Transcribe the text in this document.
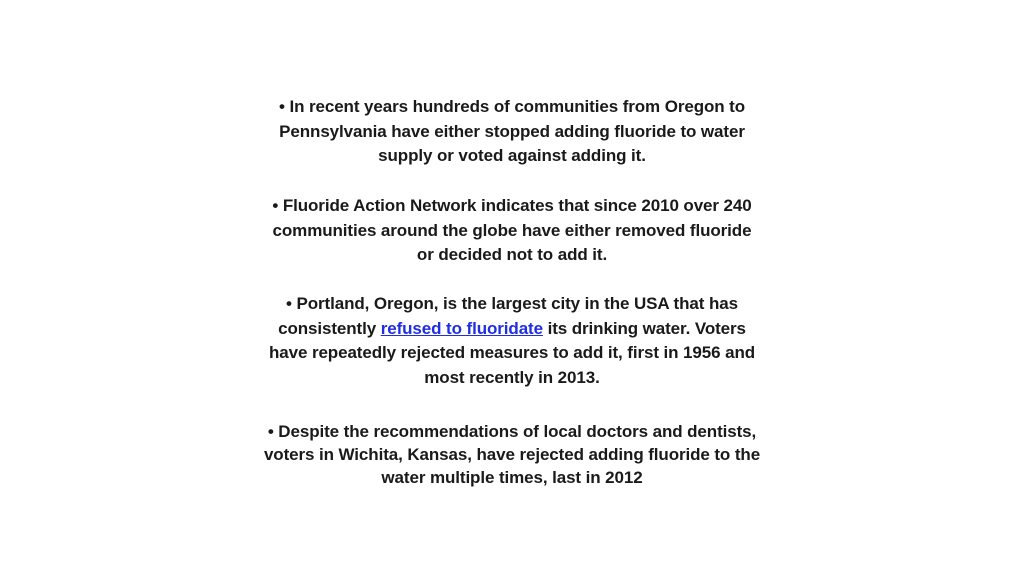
• In recent years hundreds of communities from Oregon to Pennsylvania have either stopped adding fluoride to water supply or voted against adding it.
• Fluoride Action Network indicates that since 2010 over 240 communities around the globe have either removed fluoride or decided not to add it.
• Portland, Oregon, is the largest city in the USA that has consistently refused to fluoridate its drinking water. Voters have repeatedly rejected measures to add it, first in 1956 and most recently in 2013.
• Despite the recommendations of local doctors and dentists, voters in Wichita, Kansas, have rejected adding fluoride to the water multiple times, last in 2012
